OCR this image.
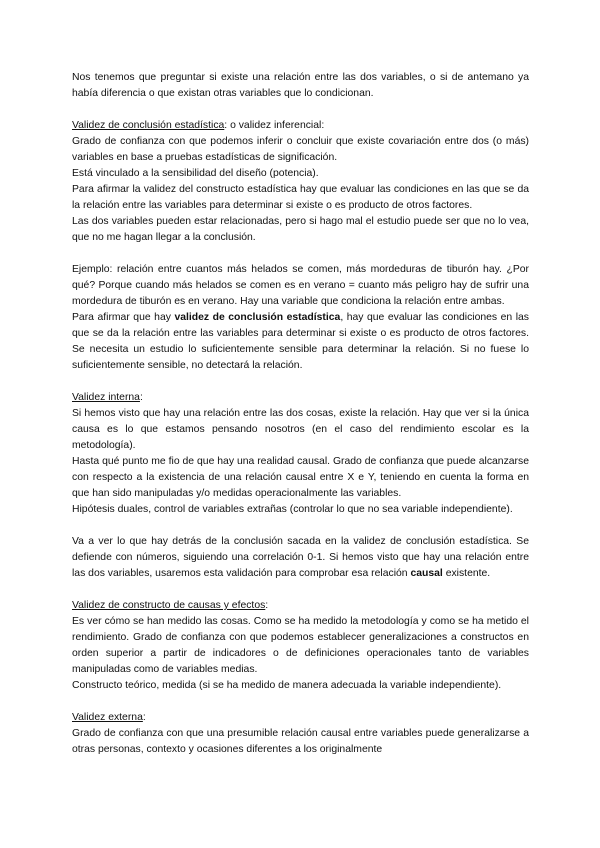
Nos tenemos que preguntar si existe una relación entre las dos variables, o si de antemano ya había diferencia o que existan otras variables que lo condicionan.

Validez de conclusión estadística: o validez inferencial:

Grado de confianza con que podemos inferir o concluir que existe covariación entre dos (o más) variables en base a pruebas estadísticas de significación.

Está vinculado a la sensibilidad del diseño (potencia).

Para afirmar la validez del constructo estadística hay que evaluar las condiciones en las que se da la relación entre las variables para determinar si existe o es producto de otros factores.

Las dos variables pueden estar relacionadas, pero si hago mal el estudio puede ser que no lo vea, que no me hagan llegar a la conclusión.

Ejemplo: relación entre cuantos más helados se comen, más mordeduras de tiburón hay. ¿Por qué? Porque cuando más helados se comen es en verano = cuanto más peligro hay de sufrir una mordedura de tiburón es en verano. Hay una variable que condiciona la relación entre ambas.

Para afirmar que hay validez de conclusión estadística, hay que evaluar las condiciones en las que se da la relación entre las variables para determinar si existe o es producto de otros factores. Se necesita un estudio lo suficientemente sensible para determinar la relación. Si no fuese lo suficientemente sensible, no detectará la relación.

Validez interna:

Si hemos visto que hay una relación entre las dos cosas, existe la relación. Hay que ver si la única causa es lo que estamos pensando nosotros (en el caso del rendimiento escolar es la metodología).

Hasta qué punto me fio de que hay una realidad causal. Grado de confianza que puede alcanzarse con respecto a la existencia de una relación causal entre X e Y, teniendo en cuenta la forma en que han sido manipuladas y/o medidas operacionalmente las variables.

Hipótesis duales, control de variables extrañas (controlar lo que no sea variable independiente).

Va a ver lo que hay detrás de la conclusión sacada en la validez de conclusión estadística. Se defiende con números, siguiendo una correlación 0-1. Si hemos visto que hay una relación entre las dos variables, usaremos esta validación para comprobar esa relación causal existente.

Validez de constructo de causas y efectos:

Es ver cómo se han medido las cosas. Como se ha medido la metodología y como se ha metido el rendimiento. Grado de confianza con que podemos establecer generalizaciones a constructos en orden superior a partir de indicadores o de definiciones operacionales tanto de variables manipuladas como de variables medias.

Constructo teórico, medida (si se ha medido de manera adecuada la variable independiente).

Validez externa:

Grado de confianza con que una presumible relación causal entre variables puede generalizarse a otras personas, contexto y ocasiones diferentes a los originalmente
